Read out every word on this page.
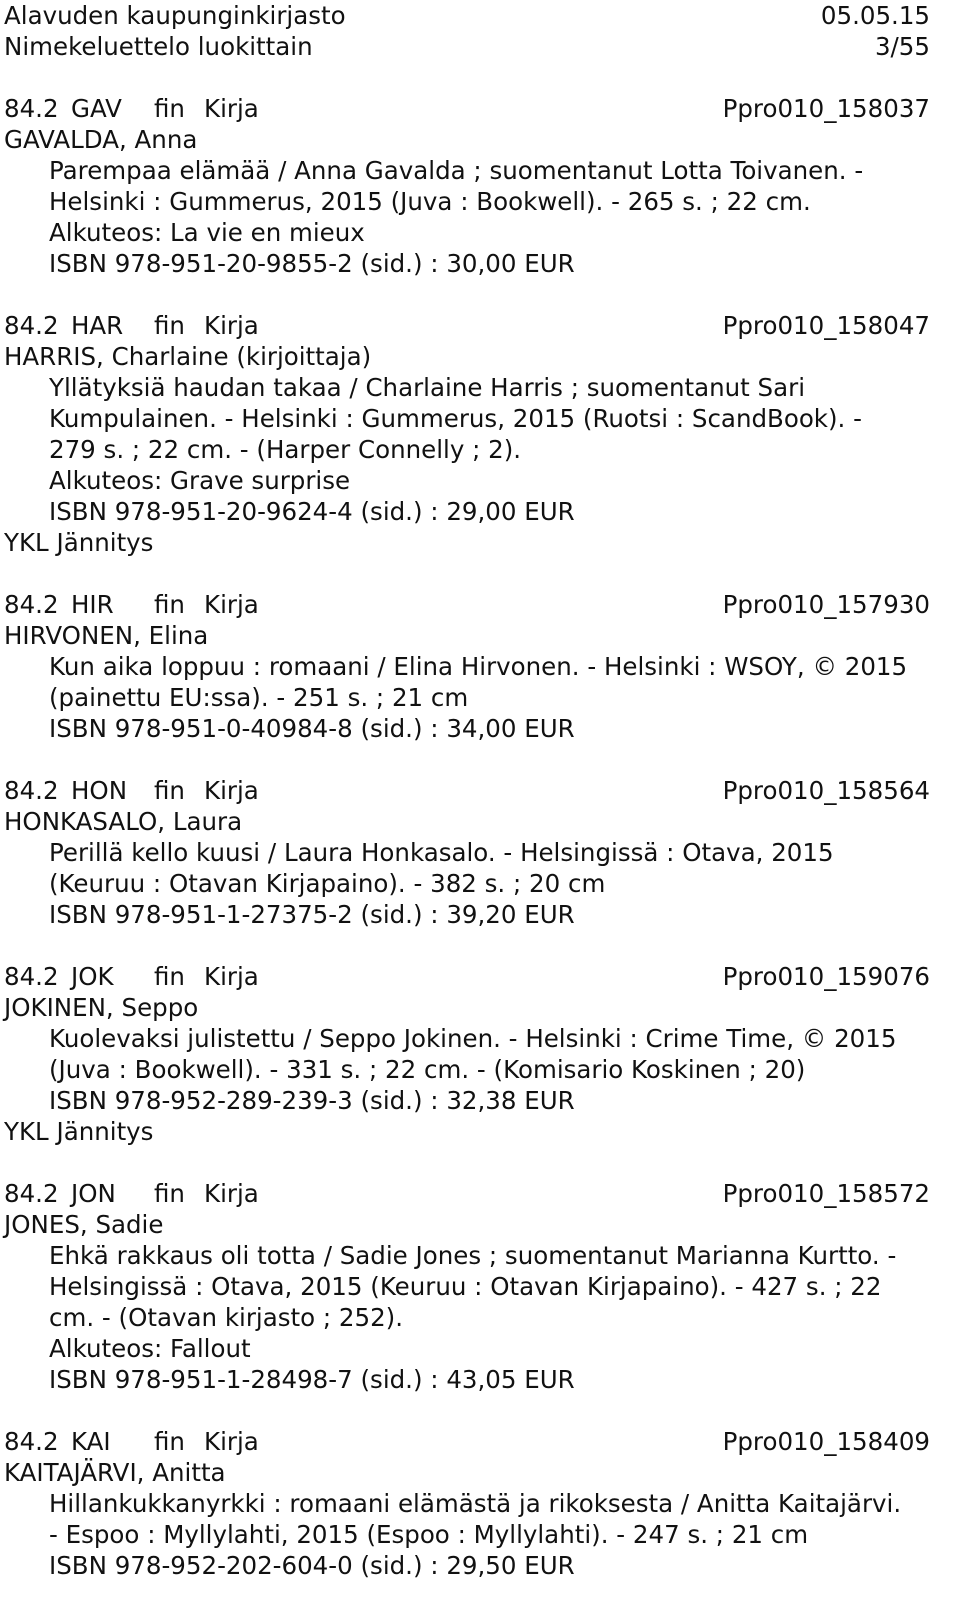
Alavuden kaupunginkirjasto	05.05.15
Nimekeluettelo luokittain	3/55
84.2 GAV fin Kirja	Ppro010_158037
GAVALDA, Anna
Parempaa elämää / Anna Gavalda ; suomentanut Lotta Toivanen. -
Helsinki : Gummerus, 2015 (Juva : Bookwell). - 265 s. ; 22 cm.
Alkuteos: La vie en mieux
ISBN 978-951-20-9855-2 (sid.) : 30,00 EUR
84.2 HAR fin Kirja	Ppro010_158047
HARRIS, Charlaine (kirjoittaja)
Yllätyksiä haudan takaa / Charlaine Harris ; suomentanut Sari
Kumpulainen. - Helsinki : Gummerus, 2015 (Ruotsi : ScandBook). -
279 s. ; 22 cm. - (Harper Connelly ; 2).
Alkuteos: Grave surprise
ISBN 978-951-20-9624-4 (sid.) : 29,00 EUR
YKL Jännitys
84.2 HIR fin Kirja	Ppro010_157930
HIRVONEN, Elina
Kun aika loppuu : romaani / Elina Hirvonen. - Helsinki : WSOY, © 2015
(painettu EU:ssa). - 251 s. ; 21 cm
ISBN 978-951-0-40984-8 (sid.) : 34,00 EUR
84.2 HON fin Kirja	Ppro010_158564
HONKASALO, Laura
Perillä kello kuusi / Laura Honkasalo. - Helsingissä : Otava, 2015
(Keuruu : Otavan Kirjapaino). - 382 s. ; 20 cm
ISBN 978-951-1-27375-2 (sid.) : 39,20 EUR
84.2 JOK fin Kirja	Ppro010_159076
JOKINEN, Seppo
Kuolevaksi julistettu / Seppo Jokinen. - Helsinki : Crime Time, © 2015
(Juva : Bookwell). - 331 s. ; 22 cm. - (Komisario Koskinen ; 20)
ISBN 978-952-289-239-3 (sid.) : 32,38 EUR
YKL Jännitys
84.2 JON fin Kirja	Ppro010_158572
JONES, Sadie
Ehkä rakkaus oli totta / Sadie Jones ; suomentanut Marianna Kurtto. -
Helsingissä : Otava, 2015 (Keuruu : Otavan Kirjapaino). - 427 s. ; 22
cm. - (Otavan kirjasto ; 252).
Alkuteos: Fallout
ISBN 978-951-1-28498-7 (sid.) : 43,05 EUR
84.2 KAI fin Kirja	Ppro010_158409
KAITAJÄRVI, Anitta
Hillankukkanyrkki : romaani elämästä ja rikoksesta / Anitta Kaitajärvi.
- Espoo : Myllylahti, 2015 (Espoo : Myllylahti). - 247 s. ; 21 cm
ISBN 978-952-202-604-0 (sid.) : 29,50 EUR
